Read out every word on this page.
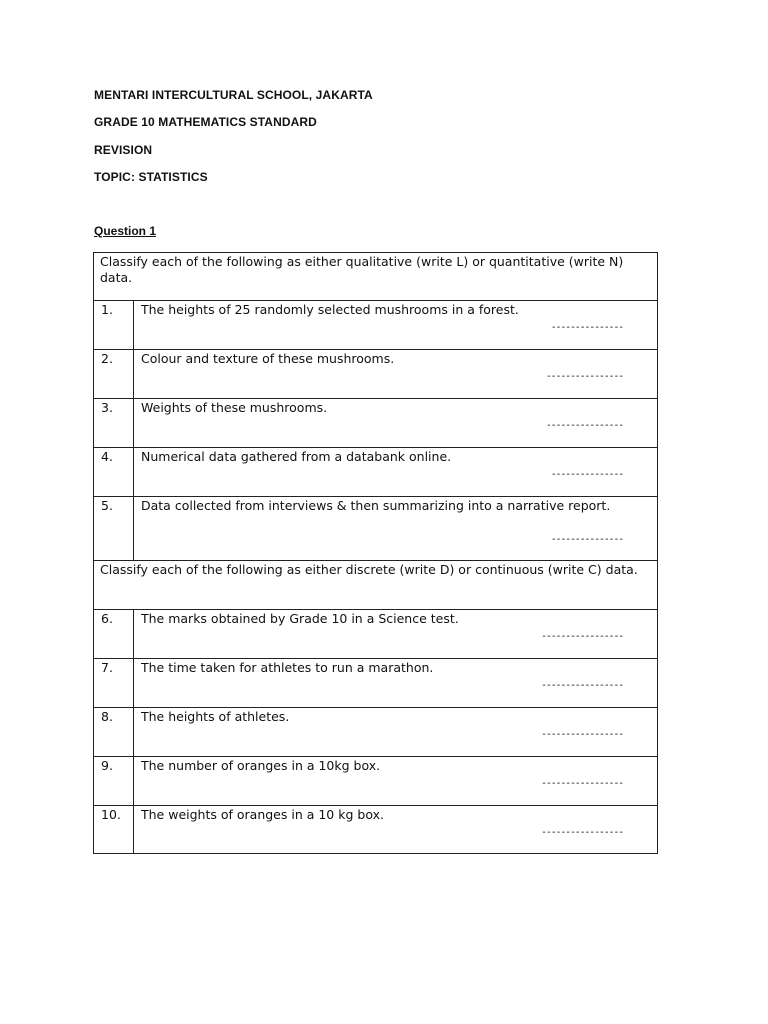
MENTARI INTERCULTURAL SCHOOL, JAKARTA

GRADE 10 MATHEMATICS STANDARD

REVISION

TOPIC: STATISTICS

Question 1

Classify each of the following as either qualitative (write L) or quantitative (write N) data.	
1.	The heights of 25 randomly selected mushrooms in a forest.
---------------

2.	Colour and texture of these mushrooms.
----------------

3.	Weights of these mushrooms.
----------------

4.	Numerical data gathered from a databank online.
---------------

5.	Data collected from interviews & then summarizing into a narrative report.
---------------

Classify each of the following as either discrete (write D) or continuous (write C) data.	
6.	The marks obtained by Grade 10 in a Science test.
-----------------

7.	The time taken for athletes to run a marathon.
-----------------

8.	The heights of athletes.
-----------------

9.	The number of oranges in a 10kg box.
-----------------

10.	The weights of oranges in a 10 kg box.
-----------------
